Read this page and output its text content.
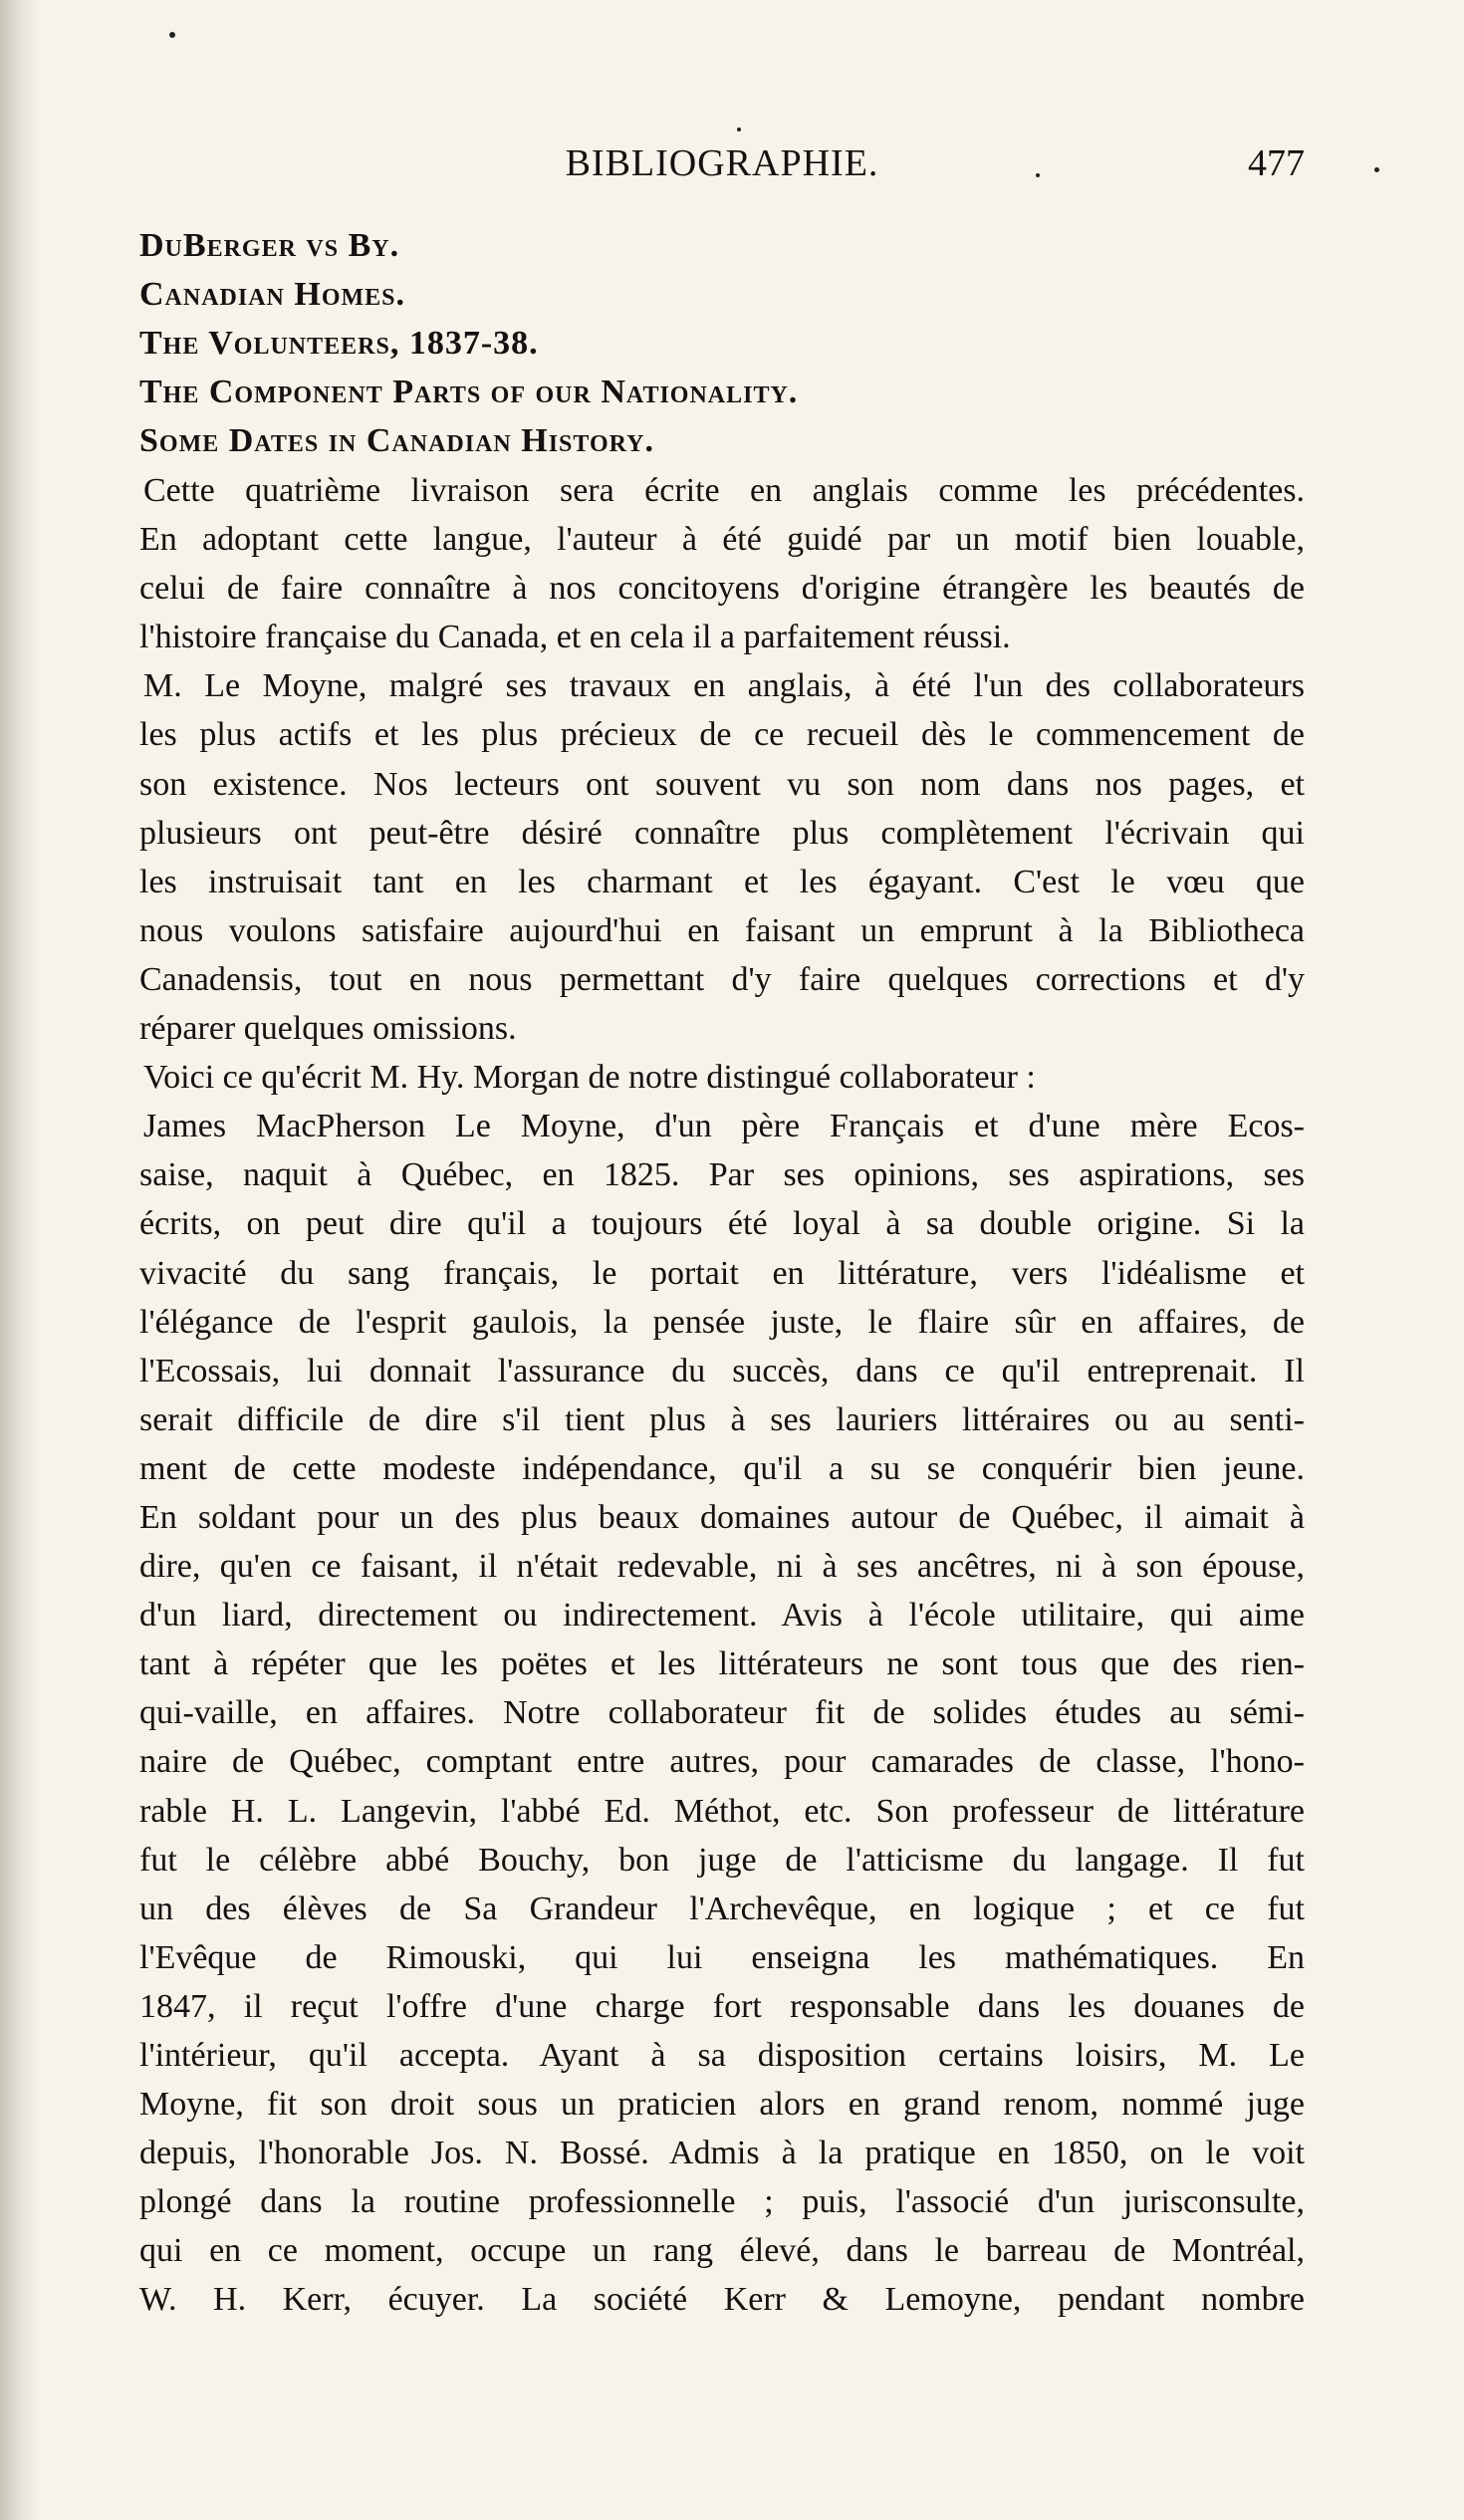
BIBLIOGRAPHIE.	477
DuBerger vs By.
Canadian Homes.
The Volunteers, 1837-38.
The Component Parts of our Nationality.
Some Dates in Canadian History.
Cette quatrième livraison sera écrite en anglais comme les précédentes.
En adoptant cette langue, l'auteur à été guidé par un motif bien louable,
celui de faire connaître à nos concitoyens d'origine étrangère les beautés de
l'histoire française du Canada, et en cela il a parfaitement réussi.
M. Le Moyne, malgré ses travaux en anglais, à été l'un des collaborateurs
les plus actifs et les plus précieux de ce recueil dès le commencement de
son existence. Nos lecteurs ont souvent vu son nom dans nos pages, et
plusieurs ont peut-être désiré connaître plus complètement l'écrivain qui
les instruisait tant en les charmant et les égayant. C'est le vœu que
nous voulons satisfaire aujourd'hui en faisant un emprunt à la Bibliotheca
Canadensis, tout en nous permettant d'y faire quelques corrections et d'y
réparer quelques omissions.
Voici ce qu'écrit M. Hy. Morgan de notre distingué collaborateur :
James MacPherson Le Moyne, d'un père Français et d'une mère Ecos-
saise, naquit à Québec, en 1825. Par ses opinions, ses aspirations, ses
écrits, on peut dire qu'il a toujours été loyal à sa double origine. Si la
vivacité du sang français, le portait en littérature, vers l'idéalisme et
l'élégance de l'esprit gaulois, la pensée juste, le flaire sûr en affaires, de
l'Ecossais, lui donnait l'assurance du succès, dans ce qu'il entreprenait. Il
serait difficile de dire s'il tient plus à ses lauriers littéraires ou au senti-
ment de cette modeste indépendance, qu'il a su se conquérir bien jeune.
En soldant pour un des plus beaux domaines autour de Québec, il aimait à
dire, qu'en ce faisant, il n'était redevable, ni à ses ancêtres, ni à son épouse,
d'un liard, directement ou indirectement. Avis à l'école utilitaire, qui aime
tant à répéter que les poëtes et les littérateurs ne sont tous que des rien-
qui-vaille, en affaires. Notre collaborateur fit de solides études au sémi-
naire de Québec, comptant entre autres, pour camarades de classe, l'hono-
rable H. L. Langevin, l'abbé Ed. Méthot, etc. Son professeur de littérature
fut le célèbre abbé Bouchy, bon juge de l'atticisme du langage. Il fut
un des élèves de Sa Grandeur l'Archevêque, en logique ; et ce fut
l'Evêque de Rimouski, qui lui enseigna les mathématiques. En
1847, il reçut l'offre d'une charge fort responsable dans les douanes de
l'intérieur, qu'il accepta. Ayant à sa disposition certains loisirs, M. Le
Moyne, fit son droit sous un praticien alors en grand renom, nommé juge
depuis, l'honorable Jos. N. Bossé. Admis à la pratique en 1850, on le voit
plongé dans la routine professionnelle ; puis, l'associé d'un jurisconsulte,
qui en ce moment, occupe un rang élevé, dans le barreau de Montréal,
W. H. Kerr, écuyer. La société Kerr & Lemoyne, pendant nombre
